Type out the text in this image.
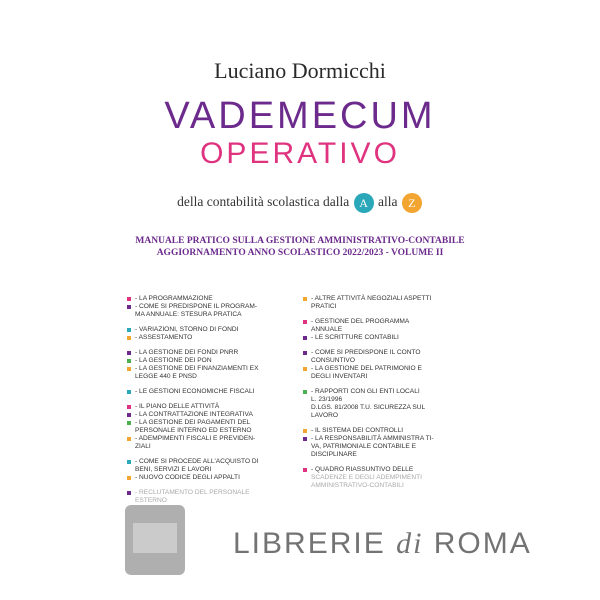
Luciano Dormicchi
VADEMECUM
OPERATIVO
della contabilità scolastica dalla A alla Z
MANUALE PRATICO SULLA GESTIONE AMMINISTRATIVO-CONTABILE
AGGIORNAMENTO ANNO SCOLASTICO 2022/2023 - VOLUME II
- LA PROGRAMMAZIONE
- COME SI PREDISPONE IL PROGRAM-
MA ANNUALE: STESURA PRATICA
- VARIAZIONI, STORNO DI FONDI
- ASSESTAMENTO
- LA GESTIONE DEI FONDI PNRR
- LA GESTIONE DEI PON
- LA GESTIONE DEI FINANZIAMENTI EX
LEGGE 440 E PNSD
- LE GESTIONI ECONOMICHE FISCALI
- IL PIANO DELLE ATTIVITÀ
- LA CONTRATTAZIONE INTEGRATIVA
- LA GESTIONE DEI PAGAMENTI DEL
PERSONALE INTERNO ED ESTERNO
- ADEMPIMENTI FISCALI E PREVIDEN-
ZIALI
- COME SI PROCEDE ALL'ACQUISTO DI
BENI, SERVIZI E LAVORI
- NUOVO CODICE DEGLI APPALTI
- RECLUTAMENTO DEL PERSONALE
ESTERNO
- ALTRE ATTIVITÀ NEGOZIALI ASPETTI
PRATICI
- GESTIONE DEL PROGRAMMA
ANNUALE
- LE SCRITTURE CONTABILI
- COME SI PREDISPONE IL CONTO
CONSUNTIVO
- LA GESTIONE DEL PATRIMONIO E
DEGLI INVENTARI
- RAPPORTI CON GLI ENTI LOCALI
L. 23/1996
D.LGS. 81/2008 T.U. SICUREZZA SUL
LAVORO
- IL SISTEMA DEI CONTROLLI
- LA RESPONSABILITÀ AMMINISTRA TI-
VA, PATRIMONIALE CONTABILE E
DISCIPLINARE
- QUADRO RIASSUNTIVO DELLE
SCADENZE E DEGLI ADEMPIMENTI
AMMINISTRATIVO-CONTABILI
LIBRERIE di ROMA
